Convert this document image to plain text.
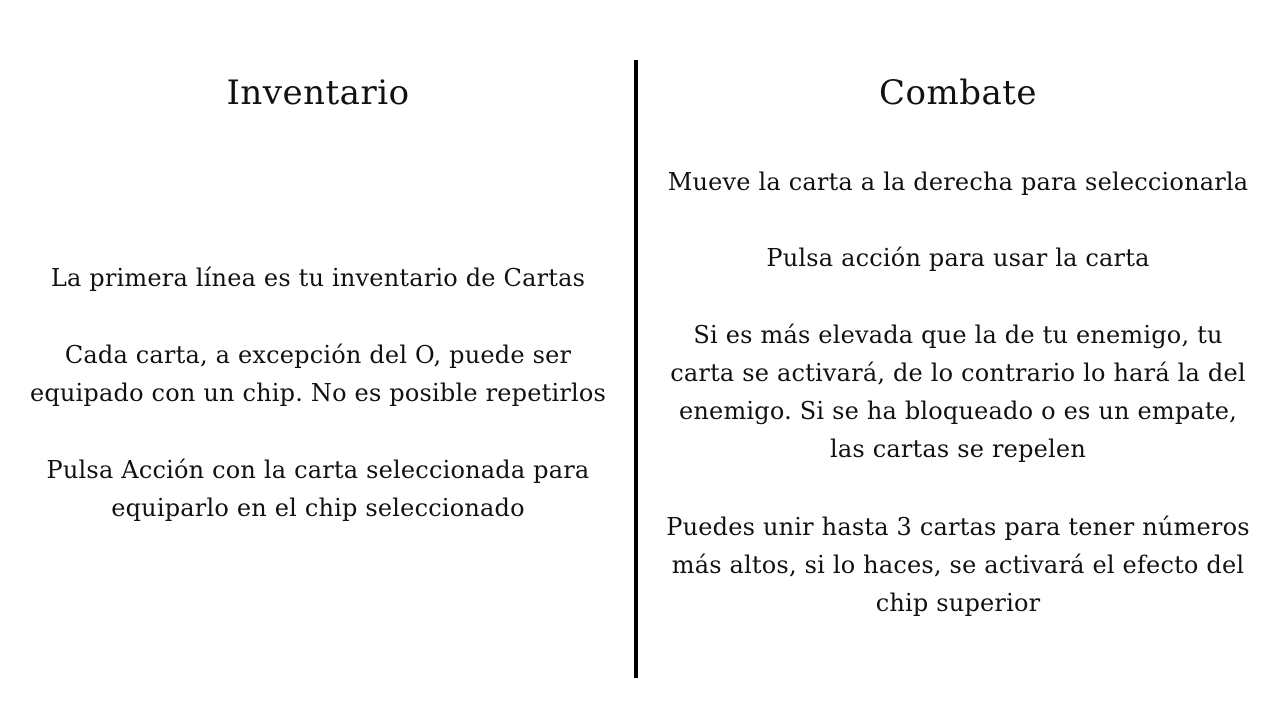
Inventario
La primera línea es tu inventario de Cartas
Cada carta, a excepción del O, puede ser
equipado con un chip. No es posible repetirlos
Pulsa Acción con la carta seleccionada para
equiparlo en el chip seleccionado
Combate
Mueve la carta a la derecha para seleccionarla
Pulsa acción para usar la carta
Si es más elevada que la de tu enemigo, tu
carta se activará, de lo contrario lo hará la del
enemigo. Si se ha bloqueado o es un empate,
las cartas se repelen
Puedes unir hasta 3 cartas para tener números
más altos, si lo haces, se activará el efecto del
chip superior
